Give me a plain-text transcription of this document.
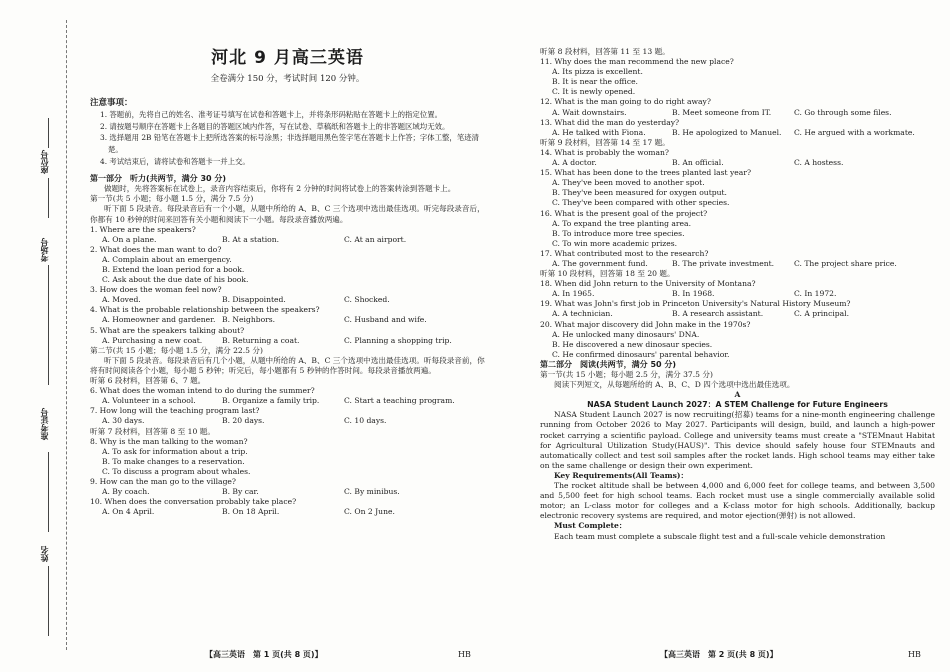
座位号
考场号
准考证号
姓名
河北 9 月高三英语
全卷满分 150 分，考试时间 120 分钟。
注意事项：
1. 答题前，先将自己的姓名、准考证号填写在试卷和答题卡上，并将条形码粘贴在答题卡上的指定位置。
2. 请按题号顺序在答题卡上各题目的答题区域内作答，写在试卷、草稿纸和答题卡上的非答题区域均无效。
3. 选择题用 2B 铅笔在答题卡上把所选答案的标号涂黑；非选择题用黑色签字笔在答题卡上作答；字体工整，笔迹清楚。
4. 考试结束后，请将试卷和答题卡一并上交。
第一部分　听力(共两节，满分 30 分)
做题时，先将答案标在试卷上，录音内容结束后，你将有 2 分钟的时间将试卷上的答案转涂到答题卡上。
第一节(共 5 小题；每小题 1.5 分，满分 7.5 分)
听下面 5 段录音。每段录音后有一个小题，从题中所给的 A、B、C 三个选项中选出最佳选项。听完每段录音后，你都有 10 秒钟的时间来回答有关小题和阅读下一小题。每段录音播放两遍。
1. Where are the speakers?
A. On a plane.	B. At a station.	C. At an airport.
2. What does the man want to do?
A. Complain about an emergency.
B. Extend the loan period for a book.
C. Ask about the due date of his book.
3. How does the woman feel now?
A. Moved.	B. Disappointed.	C. Shocked.
4. What is the probable relationship between the speakers?
A. Homeowner and gardener. B. Neighbors.	C. Husband and wife.
5. What are the speakers talking about?
A. Purchasing a new coat.	B. Returning a coat.	C. Planning a shopping trip.
第二节(共 15 小题；每小题 1.5 分，满分 22.5 分)
听下面 5 段录音。每段录音后有几个小题，从题中所给的 A、B、C 三个选项中选出最佳选项。听每段录音前，你将有时间阅读各个小题，每小题 5 秒钟；听完后，每小题都有 5 秒钟的作答时间。每段录音播放两遍。
听第 6 段材料，回答第 6、7 题。
6. What does the woman intend to do during the summer?
A. Volunteer in a school.	B. Organize a family trip.	C. Start a teaching program.
7. How long will the teaching program last?
A. 30 days.	B. 20 days.	C. 10 days.
听第 7 段材料，回答第 8 至 10 题。
8. Why is the man talking to the woman?
A. To ask for information about a trip.
B. To make changes to a reservation.
C. To discuss a program about whales.
9. How can the man go to the village?
A. By coach.	B. By car.	C. By minibus.
10. When does the conversation probably take place?
A. On 4 April.	B. On 18 April.	C. On 2 June.
听第 8 段材料，回答第 11 至 13 题。
11. Why does the man recommend the new place?
A. Its pizza is excellent.
B. It is near the office.
C. It is newly opened.
12. What is the man going to do right away?
A. Wait downstairs.	B. Meet someone from IT.	C. Go through some files.
13. What did the man do yesterday?
A. He talked with Fiona.	B. He apologized to Manuel.	C. He argued with a workmate.
听第 9 段材料，回答第 14 至 17 题。
14. What is probably the woman?
A. A doctor.	B. An official.	C. A hostess.
15. What has been done to the trees planted last year?
A. They've been moved to another spot.
B. They've been measured for oxygen output.
C. They've been compared with other species.
16. What is the present goal of the project?
A. To expand the tree planting area.
B. To introduce more tree species.
C. To win more academic prizes.
17. What contributed most to the research?
A. The government fund.	B. The private investment.	C. The project share price.
听第 10 段材料，回答第 18 至 20 题。
18. When did John return to the University of Montana?
A. In 1965.	B. In 1968.	C. In 1972.
19. What was John's first job in Princeton University's Natural History Museum?
A. A technician.	B. A research assistant.	C. A principal.
20. What major discovery did John make in the 1970s?
A. He unlocked many dinosaurs' DNA.
B. He discovered a new dinosaur species.
C. He confirmed dinosaurs' parental behavior.
第二部分　阅读(共两节，满分 50 分)
第一节(共 15 小题；每小题 2.5 分，满分 37.5 分)
阅读下列短文，从每题所给的 A、B、C、D 四个选项中选出最佳选项。
A
NASA Student Launch 2027：A STEM Challenge for Future Engineers
NASA Student Launch 2027 is now recruiting(招募) teams for a nine-month engineering challenge running from October 2026 to May 2027. Participants will design, build, and launch a high-power rocket carrying a scientific payload. College and university teams must create a "STEMnaut Habitat for Agricultural Utilization Study(HAUS)". This device should safely house four STEMnauts and automatically collect and test soil samples after the rocket lands. High school teams may either take on the same challenge or design their own experiment.
Key Requirements(All Teams)：
The rocket altitude shall be between 4,000 and 6,000 feet for college teams, and between 3,500 and 5,500 feet for high school teams. Each rocket must use a single commercially available solid motor; an L-class motor for colleges and a K-class motor for high schools. Additionally, backup electronic recovery systems are required, and motor ejection(弹射) is not allowed.
Must Complete：
Each team must complete a subscale flight test and a full-scale vehicle demonstration
【高三英语　第 1 页(共 8 页)】	HB	【高三英语　第 2 页(共 8 页)】	HB
